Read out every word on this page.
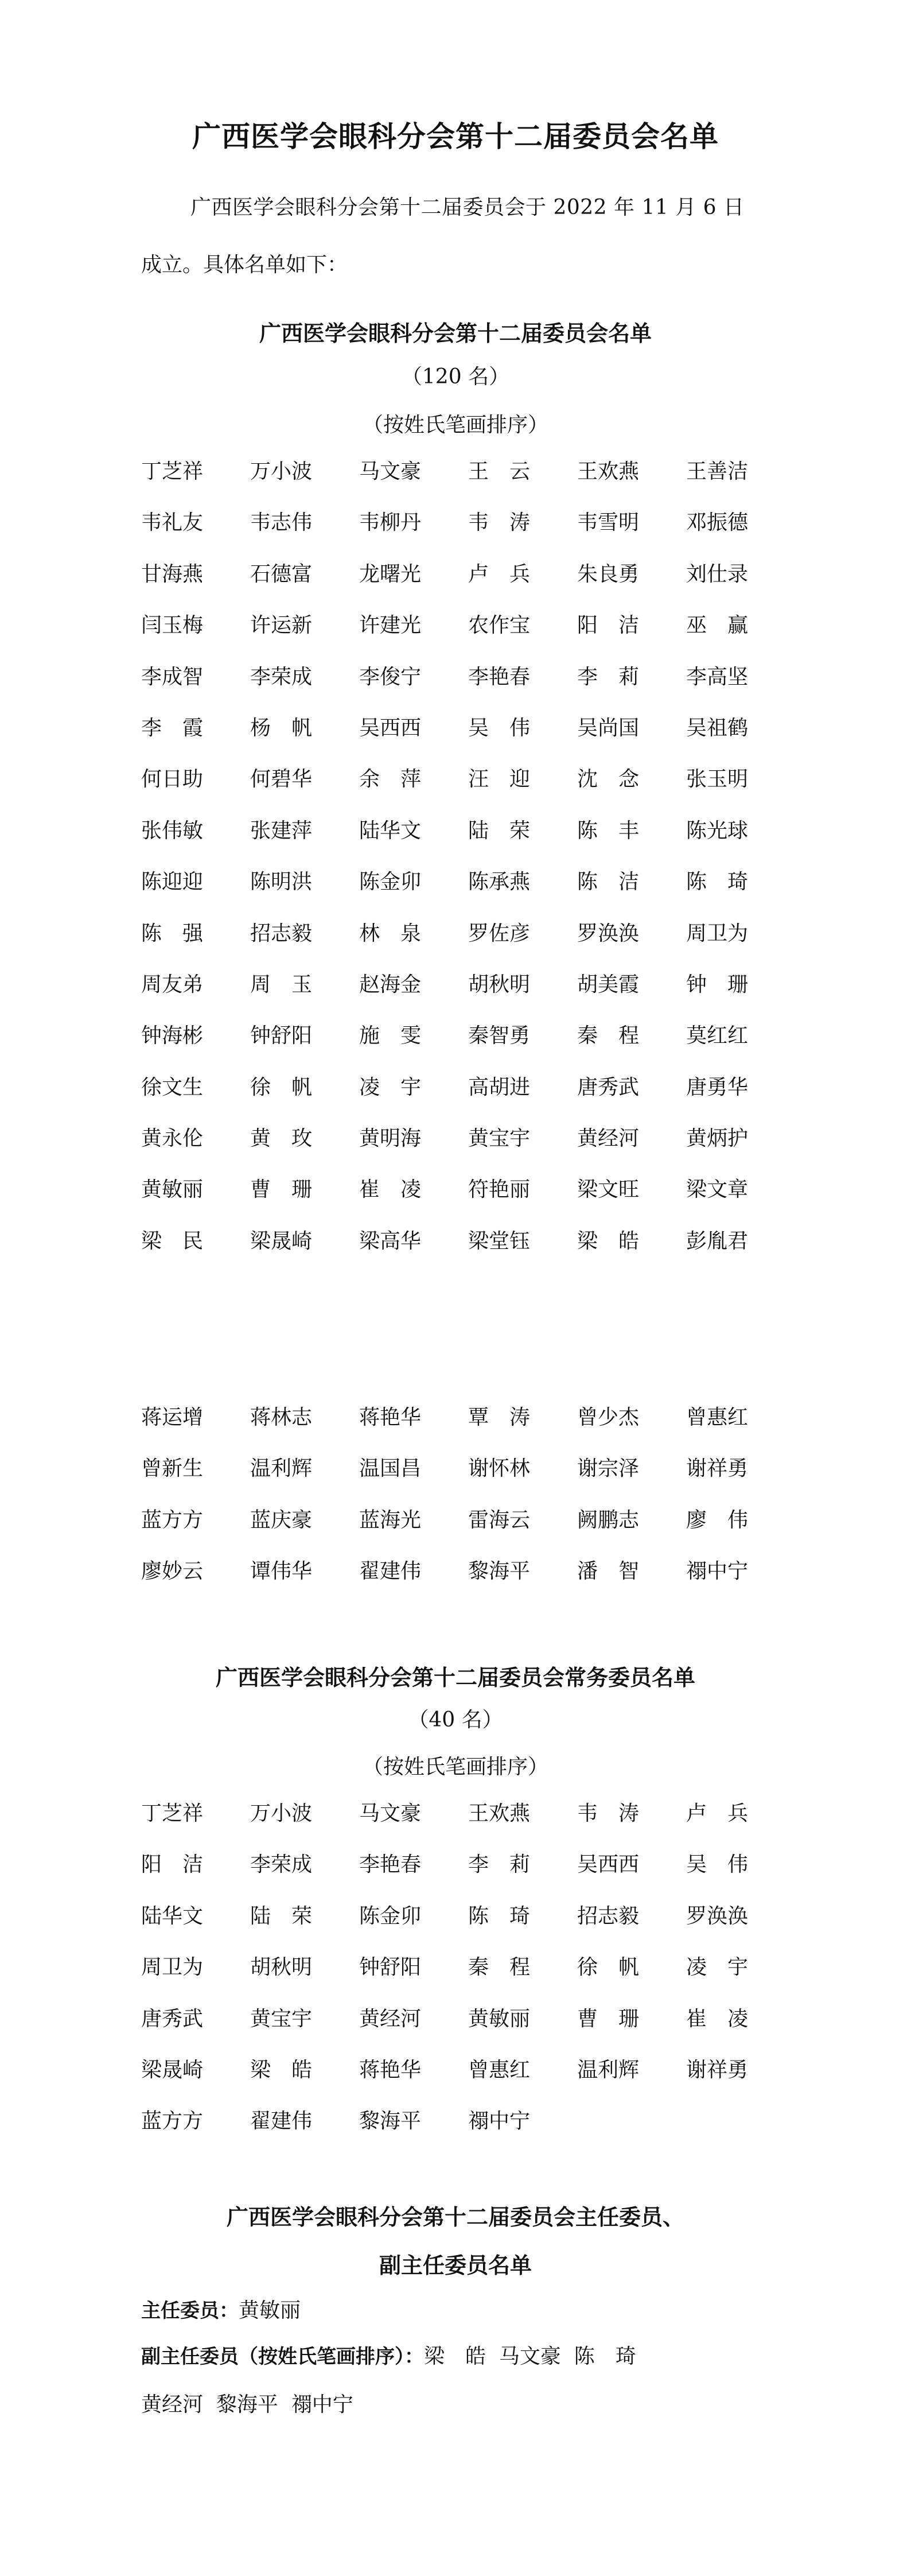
广西医学会眼科分会第十二届委员会名单

广西医学会眼科分会第十二届委员会于 2022 年 11 月 6 日

成立。具体名单如下：

广西医学会眼科分会第十二届委员会名单
（120 名）
（按姓氏笔画排序）
丁芝祥	万小波	马文豪	王　云	王欢燕	王善洁
韦礼友	韦志伟	韦柳丹	韦　涛	韦雪明	邓振德
甘海燕	石德富	龙曙光	卢　兵	朱良勇	刘仕录
闫玉梅	许运新	许建光	农作宝	阳　洁	巫　赢
李成智	李荣成	李俊宁	李艳春	李　莉	李高坚
李　霞	杨　帆	吴西西	吴　伟	吴尚国	吴祖鹤
何日助	何碧华	余　萍	汪　迎	沈　念	张玉明
张伟敏	张建萍	陆华文	陆　荣	陈　丰	陈光球
陈迎迎	陈明洪	陈金卯	陈承燕	陈　洁	陈　琦
陈　强	招志毅	林　泉	罗佐彦	罗涣涣	周卫为
周友弟	周　玉	赵海金	胡秋明	胡美霞	钟　珊
钟海彬	钟舒阳	施　雯	秦智勇	秦　程	莫红红
徐文生	徐　帆	凌　宇	高胡进	唐秀武	唐勇华
黄永伦	黄　玫	黄明海	黄宝宇	黄经河	黄炳护
黄敏丽	曹　珊	崔　凌	符艳丽	梁文旺	梁文章
梁　民	梁晟崎	梁高华	梁堂钰	梁　皓	彭胤君
蒋运增	蒋林志	蒋艳华	覃　涛	曾少杰	曾惠红
曾新生	温利辉	温国昌	谢怀林	谢宗泽	谢祥勇
蓝方方	蓝庆豪	蓝海光	雷海云	阙鹏志	廖　伟
廖妙云	谭伟华	翟建伟	黎海平	潘　智	禤中宁
广西医学会眼科分会第十二届委员会常务委员名单
（40 名）
（按姓氏笔画排序）
丁芝祥	万小波	马文豪	王欢燕	韦　涛	卢　兵
阳　洁	李荣成	李艳春	李　莉	吴西西	吴　伟
陆华文	陆　荣	陈金卯	陈　琦	招志毅	罗涣涣
周卫为	胡秋明	钟舒阳	秦　程	徐　帆	凌　宇
唐秀武	黄宝宇	黄经河	黄敏丽	曹　珊	崔　凌
梁晟崎	梁　皓	蒋艳华	曾惠红	温利辉	谢祥勇
蓝方方	翟建伟	黎海平	禤中宁
广西医学会眼科分会第十二届委员会主任委员、
副主任委员名单
主任委员：黄敏丽
副主任委员（按姓氏笔画排序）：梁　皓  马文豪  陈　琦
黄经河  黎海平  禤中宁
